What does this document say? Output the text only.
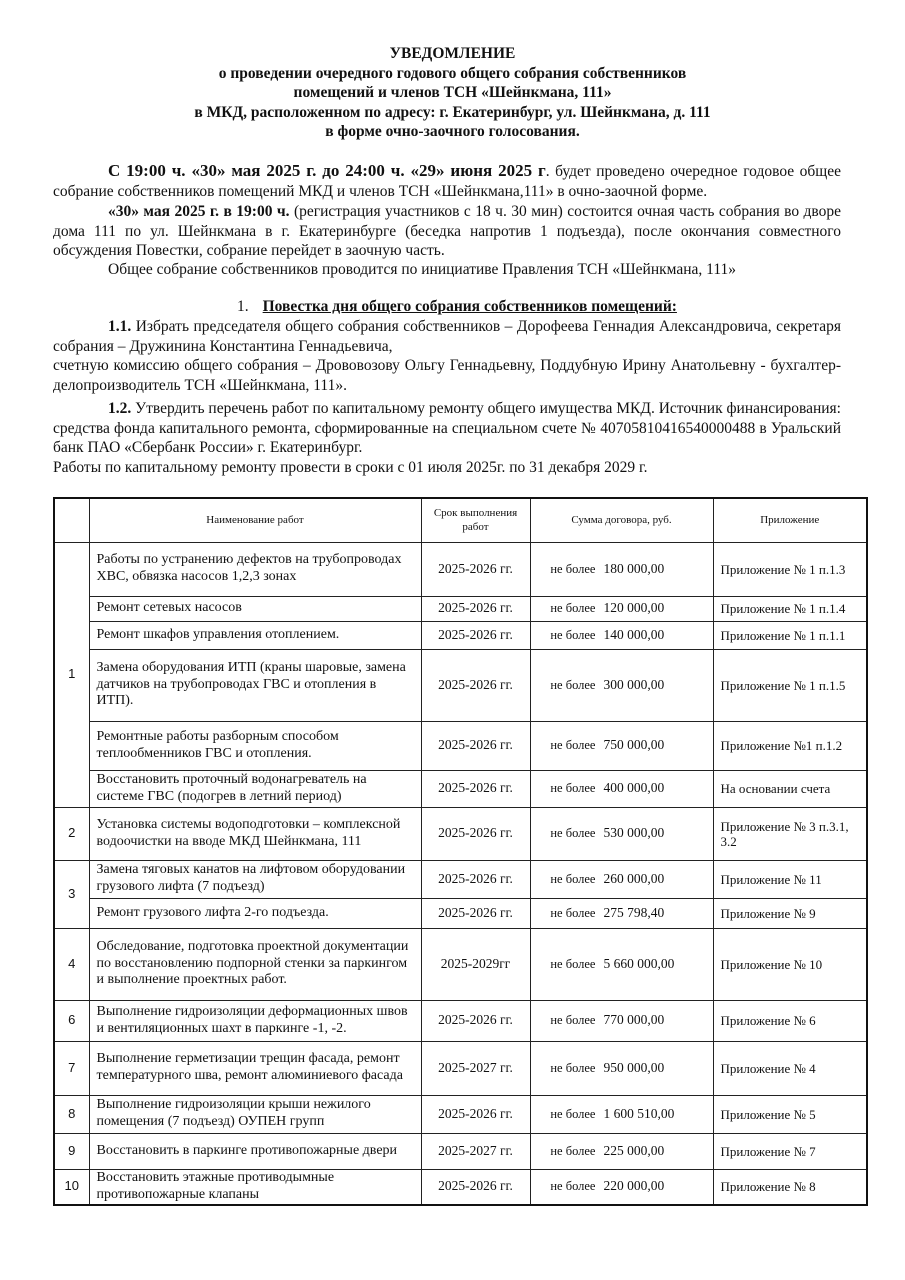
УВЕДОМЛЕНИЕ
о проведении очередного годового общего собрания собственников
помещений и членов ТСН «Шейнкмана, 111»
в МКД, расположенном по адресу: г. Екатеринбург, ул. Шейнкмана, д. 111
в форме очно-заочного голосования.
С 19:00 ч. «30» мая 2025 г. до 24:00 ч. «29» июня 2025 г. будет проведено очередное годовое общее собрание собственников помещений МКД и членов ТСН «Шейнкмана,111» в очно-заочной форме.
«30» мая 2025 г. в 19:00 ч. (регистрация участников с 18 ч. 30 мин) состоится очная часть собрания во дворе дома 111 по ул. Шейнкмана в г. Екатеринбурге (беседка напротив 1 подъезда), после окончания совместного обсуждения Повестки, собрание перейдет в заочную часть.
Общее собрание собственников проводится по инициативе Правления ТСН «Шейнкмана, 111»
1. Повестка дня общего собрания собственников помещений:
1.1. Избрать председателя общего собрания собственников – Дорофеева Геннадия Александровича, секретаря собрания – Дружинина Константина Геннадьевича,
счетную комиссию общего собрания – Дрововозову Ольгу Геннадьевну, Поддубную Ирину Анатольевну - бухгалтер-делопроизводитель ТСН «Шейнкмана, 111».
1.2. Утвердить перечень работ по капитальному ремонту общего имущества МКД. Источник финансирования: средства фонда капитального ремонта, сформированные на специальном счете № 40705810416540000488 в Уральский банк ПАО «Сбербанк России» г. Екатеринбург.
Работы по капитальному ремонту провести в сроки с 01 июля 2025г. по 31 декабря 2029 г.
	Наименование работ	Срок выполнения работ	Сумма договора, руб.	Приложение
1	Работы по устранению дефектов на трубопроводах ХВС, обвязка насосов 1,2,3 зонах	2025-2026 гг.	не более 180 000,00	Приложение № 1 п.1.3
	Ремонт сетевых насосов	2025-2026 гг.	не более 120 000,00	Приложение № 1 п.1.4
	Ремонт шкафов управления отоплением.	2025-2026 гг.	не более 140 000,00	Приложение № 1 п.1.1
	Замена оборудования ИТП (краны шаровые, замена датчиков на трубопроводах ГВС и отопления в ИТП).	2025-2026 гг.	не более 300 000,00	Приложение № 1 п.1.5
	Ремонтные работы разборным способом теплообменников ГВС и отопления.	2025-2026 гг.	не более 750 000,00	Приложение №1 п.1.2
	Восстановить проточный водонагреватель на системе ГВС (подогрев в летний период)	2025-2026 гг.	не более 400 000,00	На основании счета
2	Установка системы водоподготовки – комплексной водоочистки на вводе МКД Шейнкмана, 111	2025-2026 гг.	не более 530 000,00	Приложение № 3 п.3.1, 3.2
3	Замена тяговых канатов на лифтовом оборудовании грузового лифта (7 подъезд)	2025-2026 гг.	не более 260 000,00	Приложение № 11
	Ремонт грузового лифта 2-го подъезда.	2025-2026 гг.	не более 275 798,40	Приложение № 9
4	Обследование, подготовка проектной документации по восстановлению подпорной стенки за паркингом и выполнение проектных работ.	2025-2029гг	не более 5 660 000,00	Приложение № 10
6	Выполнение гидроизоляции деформационных швов и вентиляционных шахт в паркинге -1, -2.	2025-2026 гг.	не более 770 000,00	Приложение № 6
7	Выполнение герметизации трещин фасада, ремонт температурного шва, ремонт алюминиевого фасада	2025-2027 гг.	не более 950 000,00	Приложение № 4
8	Выполнение гидроизоляции крыши нежилого помещения (7 подъезд) ОУПЕН групп	2025-2026 гг.	не более 1 600 510,00	Приложение № 5
9	Восстановить в паркинге противопожарные двери	2025-2027 гг.	не более 225 000,00	Приложение № 7
10	Восстановить этажные противодымные противопожарные клапаны	2025-2026 гг.	не более 220 000,00	Приложение № 8
